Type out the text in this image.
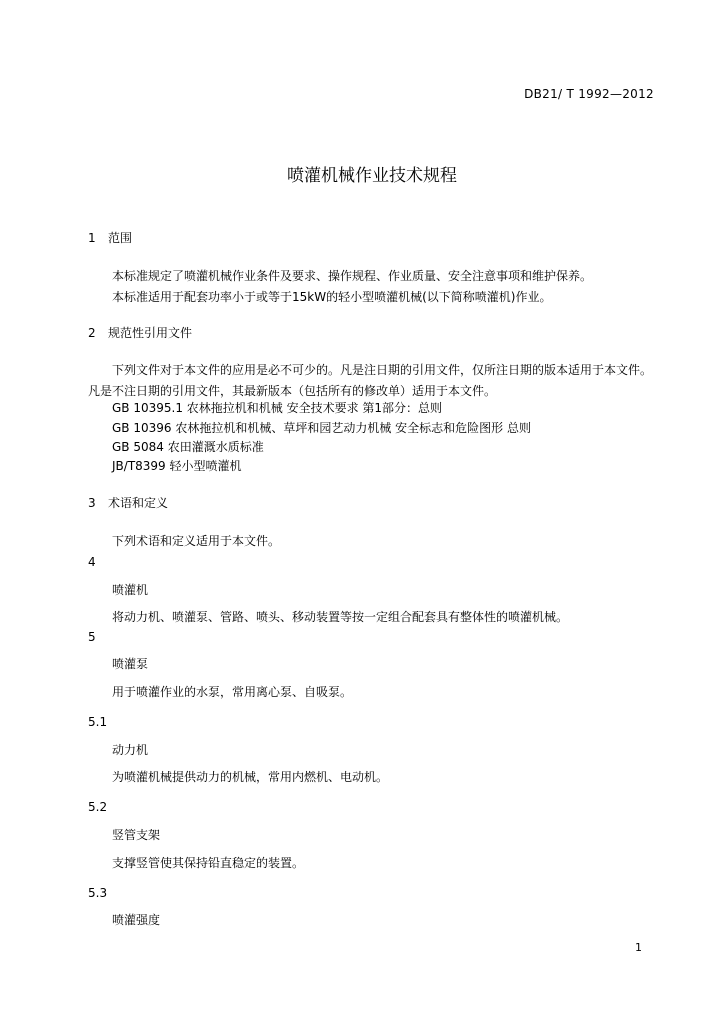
DB21/ T 1992—2012
喷灌机械作业技术规程
1 范围
本标准规定了喷灌机械作业条件及要求、操作规程、作业质量、安全注意事项和维护保养。
本标准适用于配套功率小于或等于15kW的轻小型喷灌机械(以下简称喷灌机)作业。
2 规范性引用文件
下列文件对于本文件的应用是必不可少的。凡是注日期的引用文件，仅所注日期的版本适用于本文件。凡是不注日期的引用文件，其最新版本（包括所有的修改单）适用于本文件。
GB 10395.1 农林拖拉机和机械 安全技术要求 第1部分：总则
GB 10396 农林拖拉机和机械、草坪和园艺动力机械 安全标志和危险图形 总则
GB 5084 农田灌溉水质标准
JB/T8399 轻小型喷灌机
3 术语和定义
下列术语和定义适用于本文件。
4
喷灌机
将动力机、喷灌泵、管路、喷头、移动装置等按一定组合配套具有整体性的喷灌机械。
5
喷灌泵
用于喷灌作业的水泵，常用离心泵、自吸泵。
5.1
动力机
为喷灌机械提供动力的机械，常用内燃机、电动机。
5.2
竖管支架
支撑竖管使其保持铅直稳定的装置。
5.3
喷灌强度
1
